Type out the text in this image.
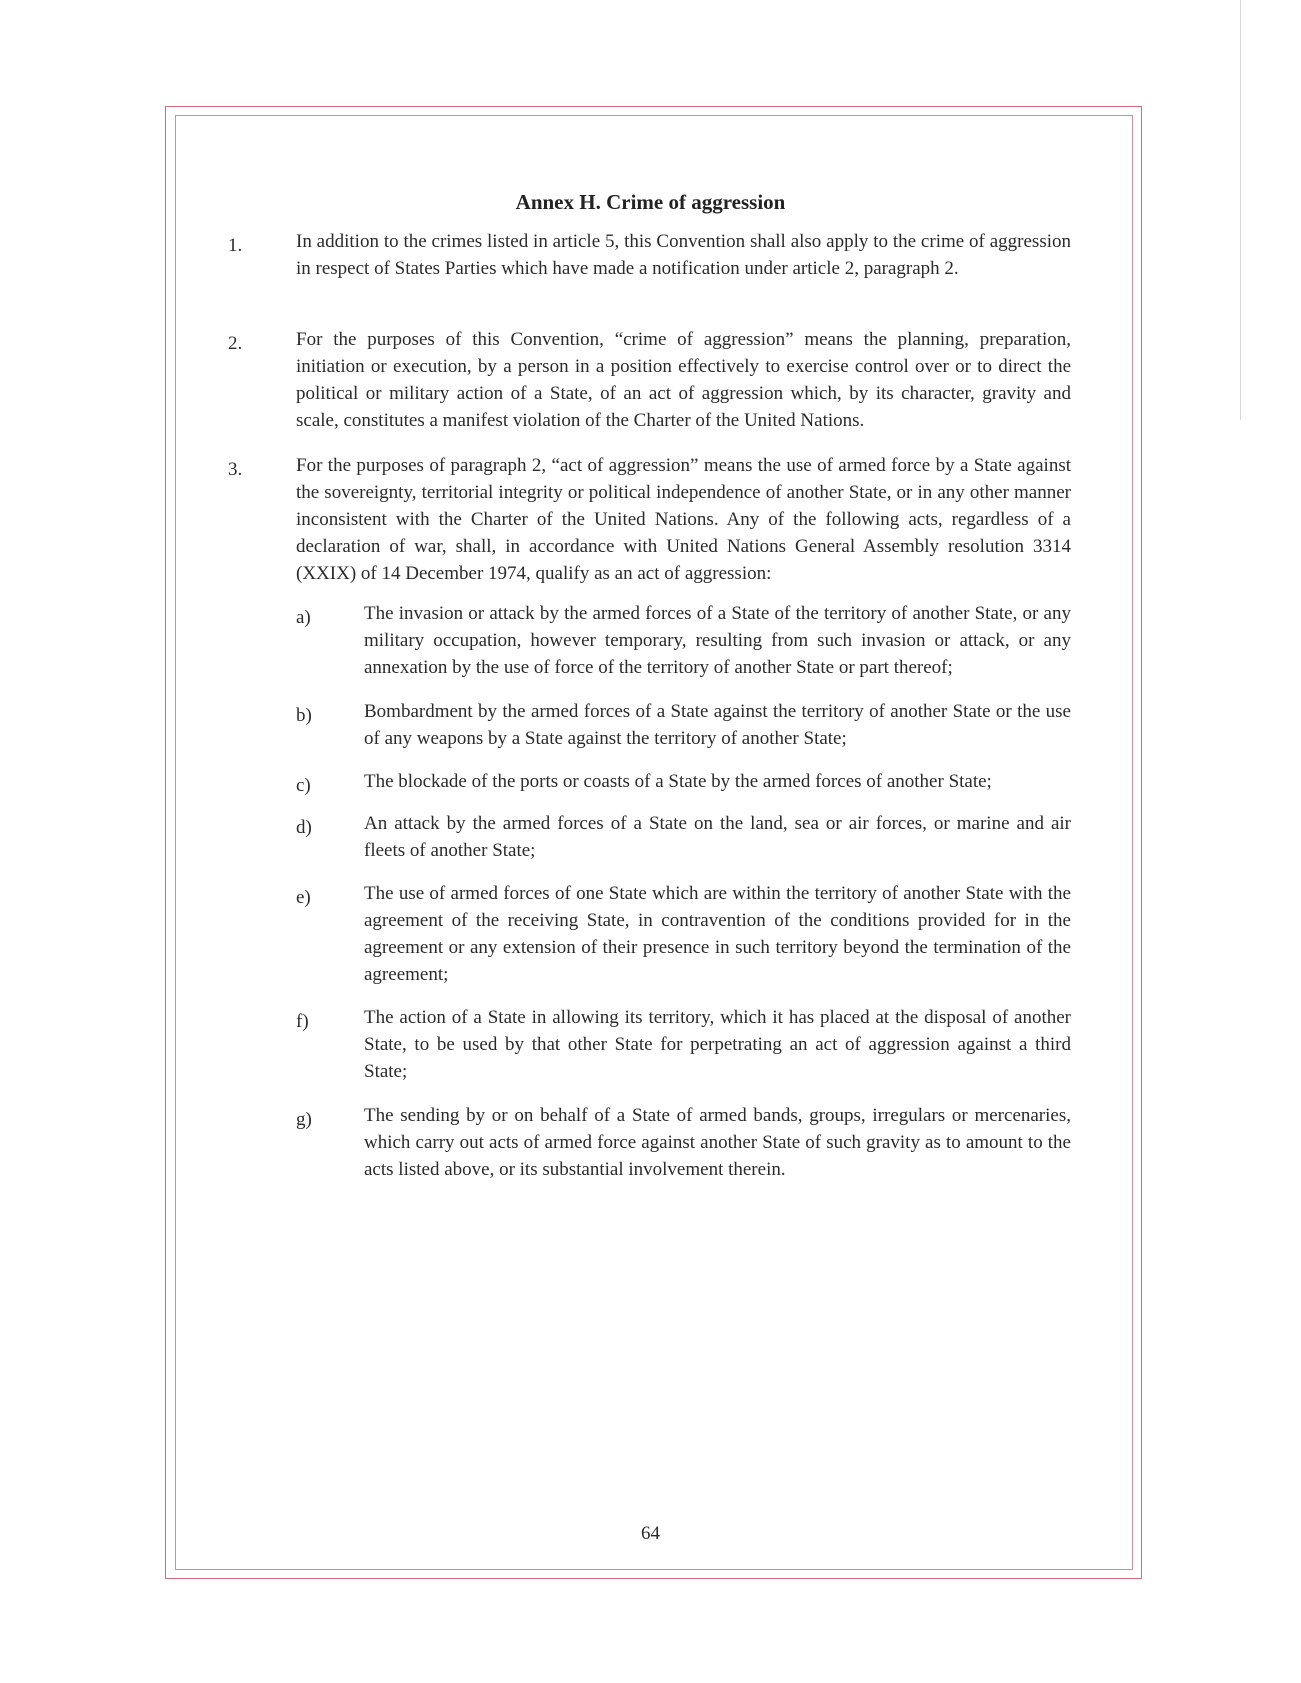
Annex H. Crime of aggression
1.	In addition to the crimes listed in article 5, this Convention shall also apply to the crime of aggression in respect of States Parties which have made a notification under article 2, paragraph 2.
2.	For the purposes of this Convention, “crime of aggression” means the planning, preparation, initiation or execution, by a person in a position effectively to exercise control over or to direct the political or military action of a State, of an act of aggression which, by its character, gravity and scale, constitutes a manifest violation of the Charter of the United Nations.
3.	For the purposes of paragraph 2, “act of aggression” means the use of armed force by a State against the sovereignty, territorial integrity or political independence of another State, or in any other manner inconsistent with the Charter of the United Nations. Any of the following acts, regardless of a declaration of war, shall, in accordance with United Nations General Assembly resolution 3314 (XXIX) of 14 December 1974, qualify as an act of aggression:
a)	The invasion or attack by the armed forces of a State of the territory of another State, or any military occupation, however temporary, resulting from such invasion or attack, or any annexation by the use of force of the territory of another State or part thereof;
b)	Bombardment by the armed forces of a State against the territory of another State or the use of any weapons by a State against the territory of another State;
c)	The blockade of the ports or coasts of a State by the armed forces of another State;
d)	An attack by the armed forces of a State on the land, sea or air forces, or marine and air fleets of another State;
e)	The use of armed forces of one State which are within the territory of another State with the agreement of the receiving State, in contravention of the conditions provided for in the agreement or any extension of their presence in such territory beyond the termination of the agreement;
f)	The action of a State in allowing its territory, which it has placed at the disposal of another State, to be used by that other State for perpetrating an act of aggression against a third State;
g)	The sending by or on behalf of a State of armed bands, groups, irregulars or mercenaries, which carry out acts of armed force against another State of such gravity as to amount to the acts listed above, or its substantial involvement therein.
64
